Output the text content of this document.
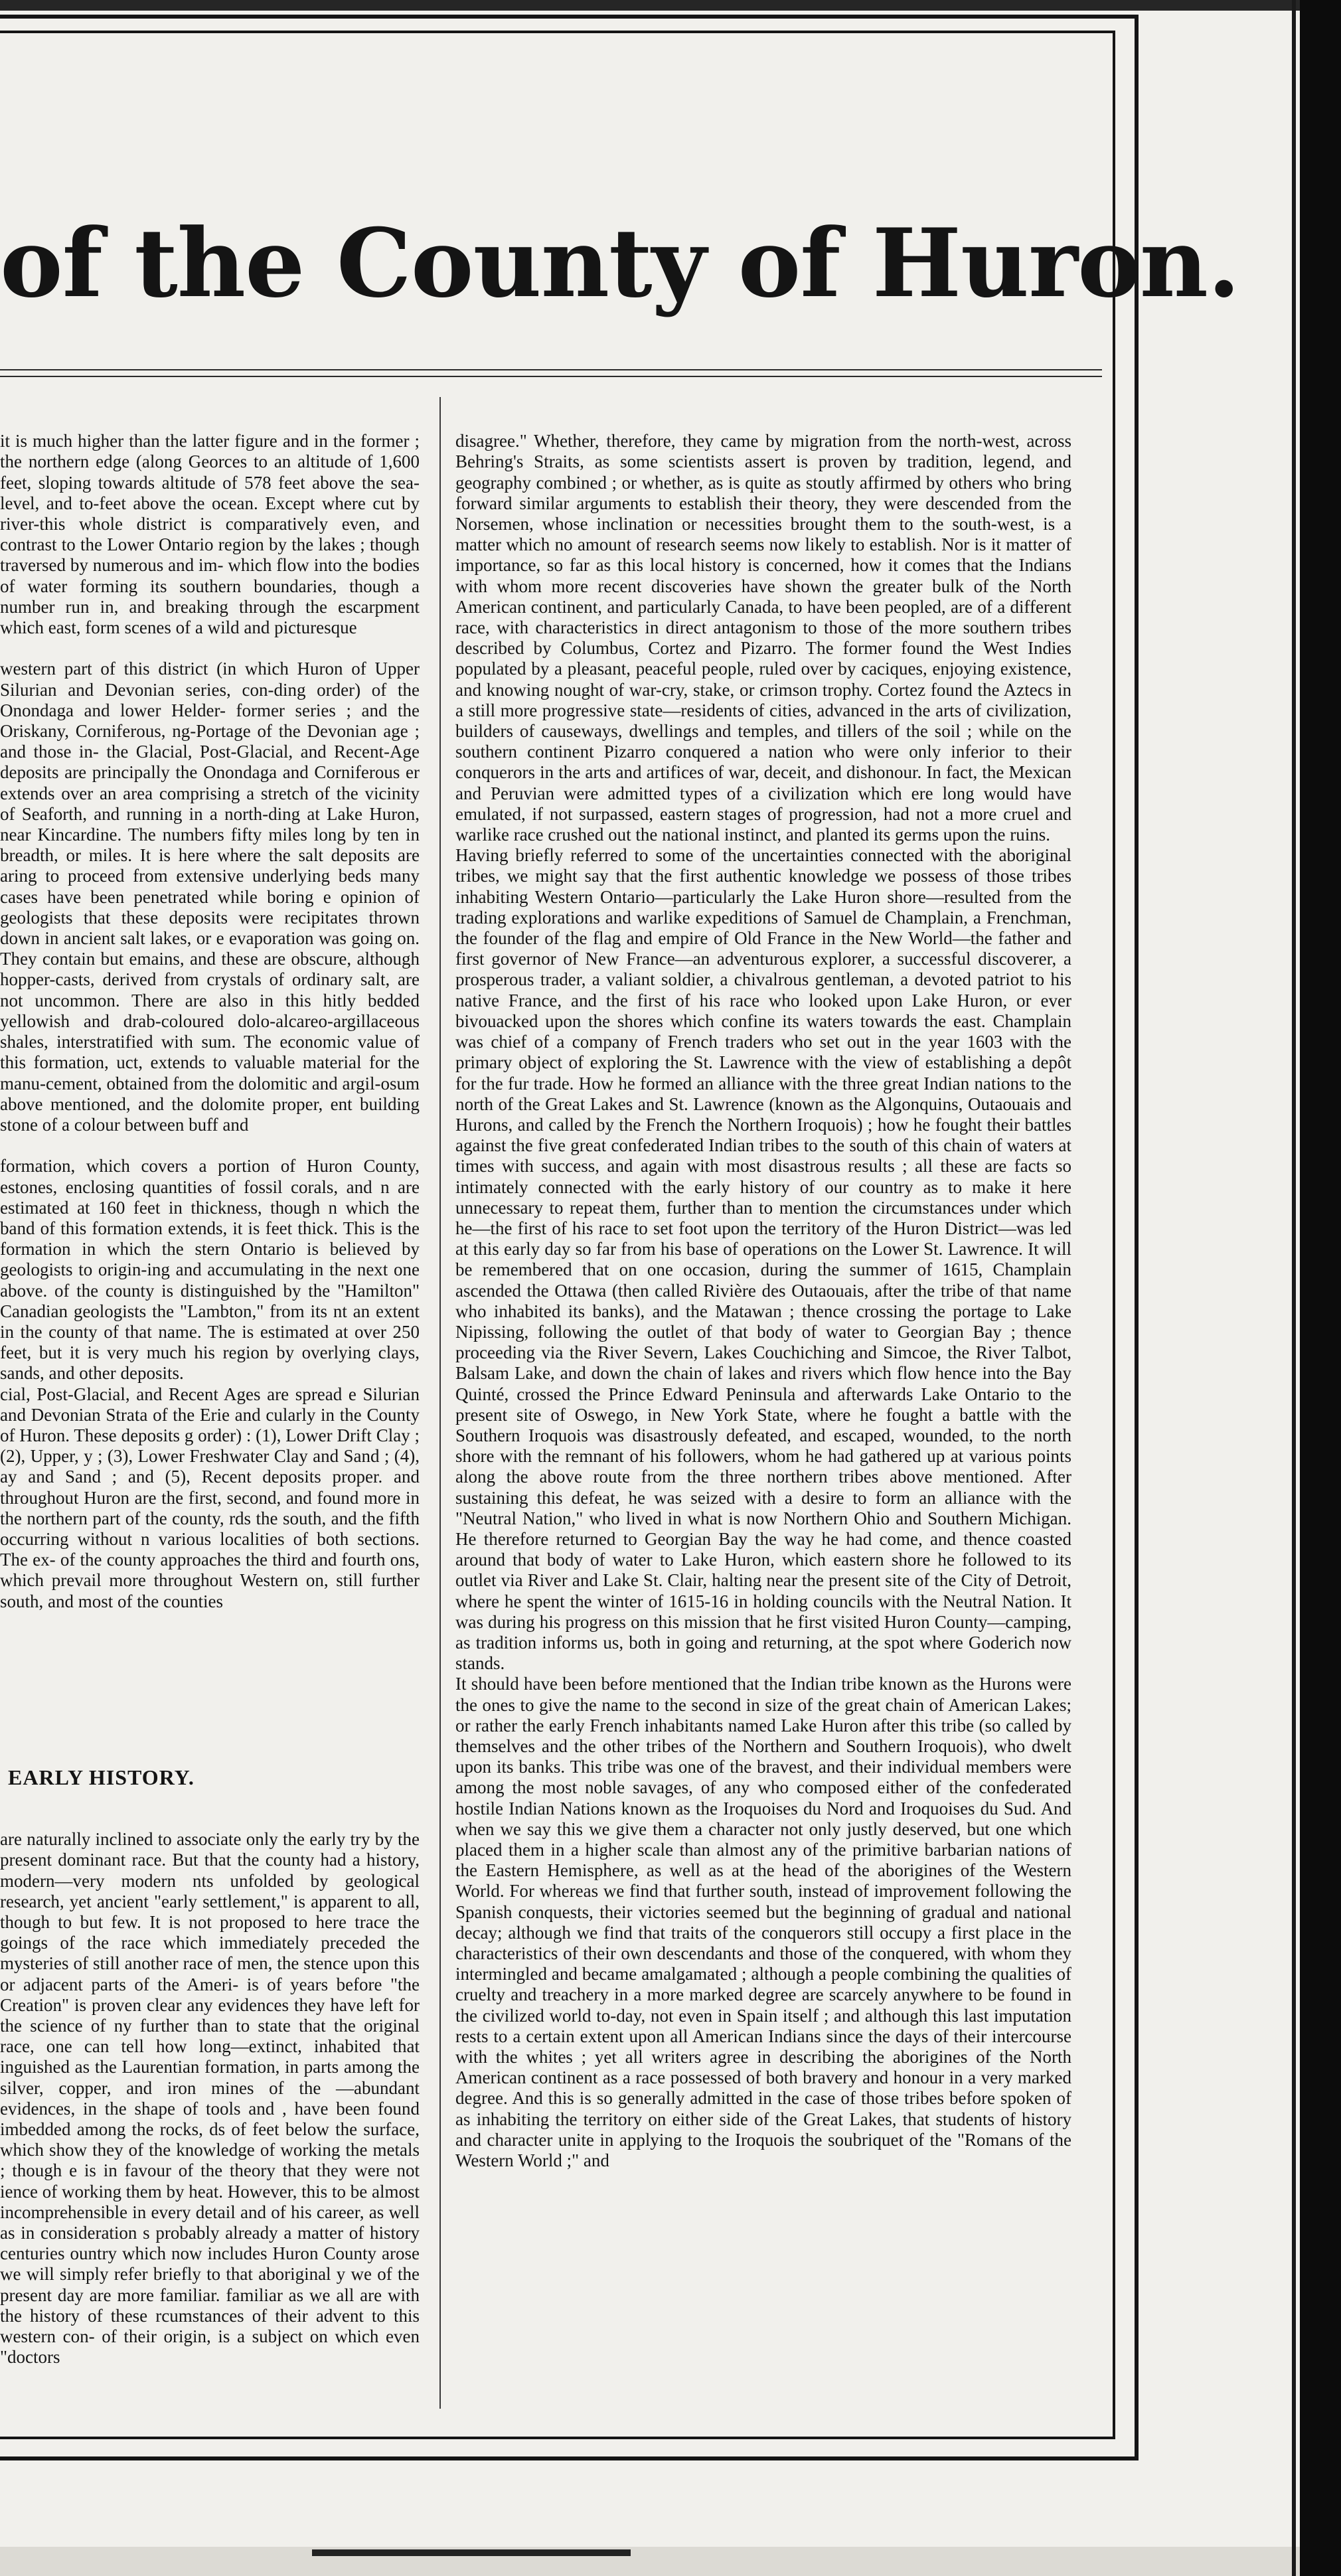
of the County of Huron.

it is much higher than the latter figure and in the former ; the northern edge (along Georces to an altitude of 1,600 feet, sloping towards altitude of 578 feet above the sea-level, and to-feet above the ocean. Except where cut by river-this whole district is comparatively even, and contrast to the Lower Ontario region by the lakes ; though traversed by numerous and im- which flow into the bodies of water forming its southern boundaries, though a number run in, and breaking through the escarpment which east, form scenes of a wild and picturesque

western part of this district (in which Huron of Upper Silurian and Devonian series, con-ding order) of the Onondaga and lower Helder- former series ; and the Oriskany, Corniferous, ng-Portage of the Devonian age ; and those in- the Glacial, Post-Glacial, and Recent-Age deposits are principally the Onondaga and Corniferous er extends over an area comprising a stretch of the vicinity of Seaforth, and running in a north-ding at Lake Huron, near Kincardine. The numbers fifty miles long by ten in breadth, or miles. It is here where the salt deposits are aring to proceed from extensive underlying beds many cases have been penetrated while boring e opinion of geologists that these deposits were recipitates thrown down in ancient salt lakes, or e evaporation was going on. They contain but emains, and these are obscure, although hopper-casts, derived from crystals of ordinary salt, are not uncommon. There are also in this hitly bedded yellowish and drab-coloured dolo-alcareo-argillaceous shales, interstratified with sum. The economic value of this formation, uct, extends to valuable material for the manu-cement, obtained from the dolomitic and argil-osum above mentioned, and the dolomite proper, ent building stone of a colour between buff and

formation, which covers a portion of Huron County, estones, enclosing quantities of fossil corals, and n are estimated at 160 feet in thickness, though n which the band of this formation extends, it is feet thick. This is the formation in which the stern Ontario is believed by geologists to origin-ing and accumulating in the next one above. of the county is distinguished by the "Hamilton" Canadian geologists the "Lambton," from its nt an extent in the county of that name. The is estimated at over 250 feet, but it is very much his region by overlying clays, sands, and other deposits.
cial, Post-Glacial, and Recent Ages are spread e Silurian and Devonian Strata of the Erie and cularly in the County of Huron. These deposits g order) : (1), Lower Drift Clay ; (2), Upper, y ; (3), Lower Freshwater Clay and Sand ; (4), ay and Sand ; and (5), Recent deposits proper. and throughout Huron are the first, second, and found more in the northern part of the county, rds the south, and the fifth occurring without n various localities of both sections. The ex- of the county approaches the third and fourth ons, which prevail more throughout Western on, still further south, and most of the counties

EARLY HISTORY.

are naturally inclined to associate only the early try by the present dominant race. But that the county had a history, modern—very modern nts unfolded by geological research, yet ancient "early settlement," is apparent to all, though to but few. It is not proposed to here trace the goings of the race which immediately preceded the mysteries of still another race of men, the stence upon this or adjacent parts of the Ameri- is of years before "the Creation" is proven clear any evidences they have left for the science of ny further than to state that the original race, one can tell how long—extinct, inhabited that inguished as the Laurentian formation, in parts among the silver, copper, and iron mines of the —abundant evidences, in the shape of tools and , have been found imbedded among the rocks, ds of feet below the surface, which show they of the knowledge of working the metals ; though e is in favour of the theory that they were not ience of working them by heat. However, this to be almost incomprehensible in every detail and of his career, as well as in consideration s probably already a matter of history centuries ountry which now includes Huron County arose we will simply refer briefly to that aboriginal y we of the present day are more familiar. familiar as we all are with the history of these rcumstances of their advent to this western con- of their origin, is a subject on which even "doctors

disagree." Whether, therefore, they came by migration from the north-west, across Behring's Straits, as some scientists assert is proven by tradition, legend, and geography combined ; or whether, as is quite as stoutly affirmed by others who bring forward similar arguments to establish their theory, they were descended from the Norsemen, whose inclination or necessities brought them to the south-west, is a matter which no amount of research seems now likely to establish. Nor is it matter of importance, so far as this local history is concerned, how it comes that the Indians with whom more recent discoveries have shown the greater bulk of the North American continent, and particularly Canada, to have been peopled, are of a different race, with characteristics in direct antagonism to those of the more southern tribes described by Columbus, Cortez and Pizarro. The former found the West Indies populated by a pleasant, peaceful people, ruled over by caciques, enjoying existence, and knowing nought of war-cry, stake, or crimson trophy. Cortez found the Aztecs in a still more progressive state—residents of cities, advanced in the arts of civilization, builders of causeways, dwellings and temples, and tillers of the soil ; while on the southern continent Pizarro conquered a nation who were only inferior to their conquerors in the arts and artifices of war, deceit, and dishonour. In fact, the Mexican and Peruvian were admitted types of a civilization which ere long would have emulated, if not surpassed, eastern stages of progression, had not a more cruel and warlike race crushed out the national instinct, and planted its germs upon the ruins.
Having briefly referred to some of the uncertainties connected with the aboriginal tribes, we might say that the first authentic knowledge we possess of those tribes inhabiting Western Ontario—particularly the Lake Huron shore—resulted from the trading explorations and warlike expeditions of Samuel de Champlain, a Frenchman, the founder of the flag and empire of Old France in the New World—the father and first governor of New France—an adventurous explorer, a successful discoverer, a prosperous trader, a valiant soldier, a chivalrous gentleman, a devoted patriot to his native France, and the first of his race who looked upon Lake Huron, or ever bivouacked upon the shores which confine its waters towards the east. Champlain was chief of a company of French traders who set out in the year 1603 with the primary object of exploring the St. Lawrence with the view of establishing a depôt for the fur trade. How he formed an alliance with the three great Indian nations to the north of the Great Lakes and St. Lawrence (known as the Algonquins, Outaouais and Hurons, and called by the French the Northern Iroquois) ; how he fought their battles against the five great confederated Indian tribes to the south of this chain of waters at times with success, and again with most disastrous results ; all these are facts so intimately connected with the early history of our country as to make it here unnecessary to repeat them, further than to mention the circumstances under which he—the first of his race to set foot upon the territory of the Huron District—was led at this early day so far from his base of operations on the Lower St. Lawrence. It will be remembered that on one occasion, during the summer of 1615, Champlain ascended the Ottawa (then called Rivière des Outaouais, after the tribe of that name who inhabited its banks), and the Matawan ; thence crossing the portage to Lake Nipissing, following the outlet of that body of water to Georgian Bay ; thence proceeding via the River Severn, Lakes Couchiching and Simcoe, the River Talbot, Balsam Lake, and down the chain of lakes and rivers which flow hence into the Bay Quinté, crossed the Prince Edward Peninsula and afterwards Lake Ontario to the present site of Oswego, in New York State, where he fought a battle with the Southern Iroquois was disastrously defeated, and escaped, wounded, to the north shore with the remnant of his followers, whom he had gathered up at various points along the above route from the three northern tribes above mentioned. After sustaining this defeat, he was seized with a desire to form an alliance with the "Neutral Nation," who lived in what is now Northern Ohio and Southern Michigan. He therefore returned to Georgian Bay the way he had come, and thence coasted around that body of water to Lake Huron, which eastern shore he followed to its outlet via River and Lake St. Clair, halting near the present site of the City of Detroit, where he spent the winter of 1615-16 in holding councils with the Neutral Nation. It was during his progress on this mission that he first visited Huron County—camping, as tradition informs us, both in going and returning, at the spot where Goderich now stands.
It should have been before mentioned that the Indian tribe known as the Hurons were the ones to give the name to the second in size of the great chain of American Lakes; or rather the early French inhabitants named Lake Huron after this tribe (so called by themselves and the other tribes of the Northern and Southern Iroquois), who dwelt upon its banks. This tribe was one of the bravest, and their individual members were among the most noble savages, of any who composed either of the confederated hostile Indian Nations known as the Iroquoises du Nord and Iroquoises du Sud. And when we say this we give them a character not only justly deserved, but one which placed them in a higher scale than almost any of the primitive barbarian nations of the Eastern Hemisphere, as well as at the head of the aborigines of the Western World. For whereas we find that further south, instead of improvement following the Spanish conquests, their victories seemed but the beginning of gradual and national decay; although we find that traits of the conquerors still occupy a first place in the characteristics of their own descendants and those of the conquered, with whom they intermingled and became amalgamated ; although a people combining the qualities of cruelty and treachery in a more marked degree are scarcely anywhere to be found in the civilized world to-day, not even in Spain itself ; and although this last imputation rests to a certain extent upon all American Indians since the days of their intercourse with the whites ; yet all writers agree in describing the aborigines of the North American continent as a race possessed of both bravery and honour in a very marked degree. And this is so generally admitted in the case of those tribes before spoken of as inhabiting the territory on either side of the Great Lakes, that students of history and character unite in applying to the Iroquois the soubriquet of the "Romans of the Western World ;" and
